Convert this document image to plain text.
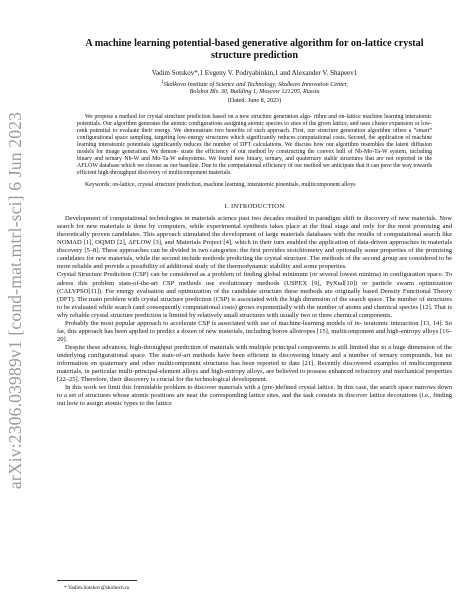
arXiv:2306.03989v1 [cond-mat.mtrl-sci] 6 Jun 2023
A machine learning potential-based generative algorithm for on-lattice crystal
structure prediction
Vadim Sotskov*,1 Evgeny V. Podryabinkin,1 and Alexander V. Shapeev1
$^1$Skolkovo Institute of Science and Technology, Skolkovo Innovation Center,
Bolshoi Blv. 30, Building 1, Moscow 121205, Russia
(Dated: June 8, 2023)

We propose a method for crystal structure prediction based on a new structure generation algo- rithm and on-lattice machine learning interatomic potentials. Our algorithm generates the atomic configurations assigning atomic species to sites of the given lattice, and uses cluster expansion or low-rank potential to evaluate their energy. We demonstrate two benefits of such approach. First, our structure generation algorithm offers a “smart” configurational space sampling, targeting low-energy structures which significantly reduces computational costs. Second, the application of machine learning interatomic potentials significantly reduces the number of DFT calculations. We discuss how our algorithm resembles the latent diffusion models for image generation. We demon- strate the efficiency of our method by constructing the convex hull of Nb-Mo-Ta-W system, including binary and ternary Nb-W and Mo-Ta-W subsystems. We found new binary, ternary, and quaternary stable structures that are not reported in the AFLOW database which we choose as our baseline. Due to the computational efficiency of our method we anticipate that it can pave the way towards efficient high-throughput discovery of multicomponent materials.

Keywords: on-lattice, crystal structure prediction, machine learning, interatomic potentials, multicomponent alloys
I. INTRODUCTION

Development of computational technologies in materials science past two decades resulted in paradigm shift in discovery of new materials. Now search for new materials is done by computers, while experimental synthesis takes place at the final stage and only for the most promising and theoretically proven candidates. This approach stimulated the development of large materials databases with the results of computational search like NOMAD [1], OQMD [2], AFLOW [3], and Materials Project [4], which in their turn enabled the application of data-driven approaches in materials discovery [5–8]. These approaches can be divided in two categories: the first provides stoichiometry and optionally some properties of the promising candidates for new materials, while the second include methods predicting the crystal structure. The methods of the second group are considered to be more reliable and provide a possibility of additional study of the thermodynamic stability and some properties.

Crystal Structure Prediction (CSP) can be considered as a problem of finding global minimum (or several lowest minima) in configuration space. To adress this problem state-of-the-art CSP methods use evolutionary methods (USPEX [9], PyXtal[10]) or particle swarm optimization (CALYPSO[11]). For energy evaluation and optimization of the candidate structure these methods are originally based Density Functional Theory (DFT). The main problem with crystal structure prediction (CSP) is associated with the high dimension of the search space. The number of structures to be evaluated while search (and consequently computational costs) grows exponentially with the number of atoms and chemical species [12]. That is why reliable crystal structure prediction is limited by relatively small structures with usually two or three chemical components.

Probably the most popular approach to accelerate CSP is associated with use of machine-learning models of in- teratomic interaction [13, 14]. So far, this approach has been applied to predict a dozen of new materials, including boron allotropes [15], multicomponent and high-entropy alloys [16–20].

Despite these advances, high-throughput prediction of materials with multiple principal components is still limited due to a huge dimension of the underlying configurational space. The state-of-art methods have been efficient in discovering binary and a number of ternary compounds, but no information on quaternary and other multicomponent structures has been reported to date [21]. Recently discovered examples of multicomponent materials, in particular multi-principal-element alloys and high-entropy alloys, are believed to possess enhanced refractory and mechanical properties [22–25]. Therefore, their discovery is crucial for the technological development.

In this work we limit this formidable problem to discover materials with a (pre-)defined crystal lattice. In this case, the search space narrows down to a set of structures whose atomic positions are near the corresponding lattice sites, and the task consists in discover lattice decorations (i.e., finding out how to assign atomic types to the lattice

* Vadim.Sotskov@skoltech.ru
